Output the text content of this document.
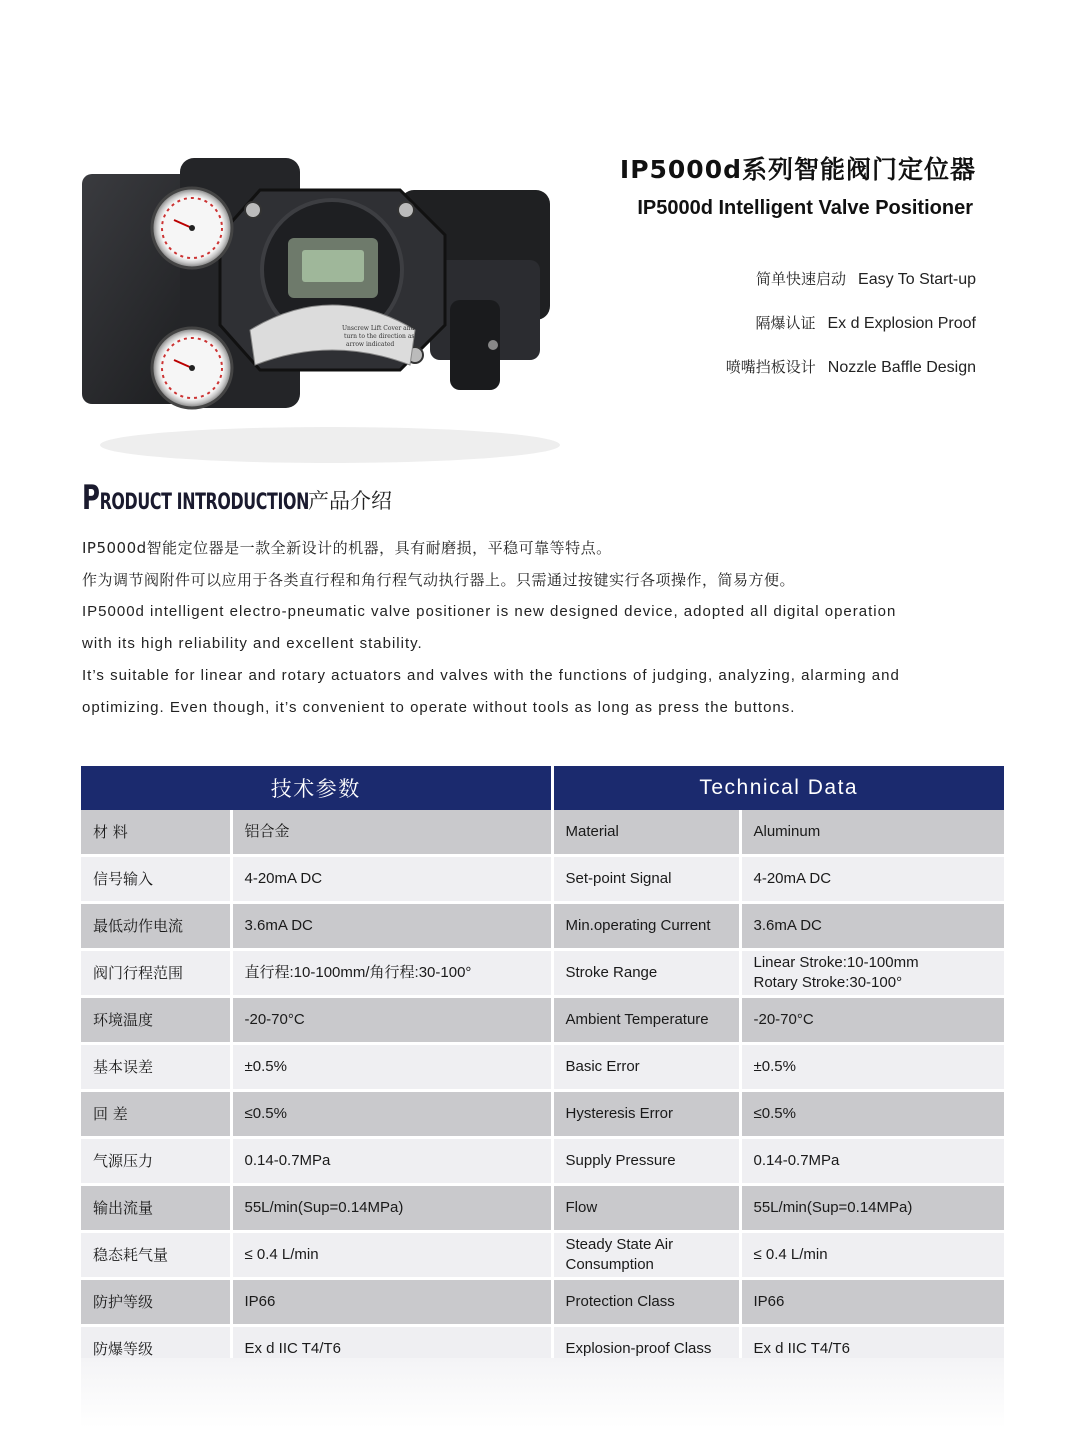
Unscrew Lift Cover and
turn to the direction as
arrow indicated
IP5000d系列智能阀门定位器
IP5000d Intelligent Valve Positioner
简单快速启动 Easy To Start-up
隔爆认证 Ex d Explosion Proof
喷嘴挡板设计 Nozzle Baffle Design
PRODUCT INTRODUCTION
产品介绍

IP5000d智能定位器是一款全新设计的机器，具有耐磨损，平稳可靠等特点。

作为调节阀附件可以应用于各类直行程和角行程气动执行器上。只需通过按键实行各项操作，简易方便。

IP5000d intelligent electro-pneumatic valve positioner is new designed device, adopted all digital operation

with its high reliability and excellent stability.

It’s suitable for linear and rotary actuators and valves with the functions of judging, analyzing, alarming and

optimizing. Even though, it’s convenient to operate without tools as long as press the buttons.

技术参数		Technical Data	
材 料	铝合金	Material	Aluminum
信号输入	4-20mA DC	Set-point Signal	4-20mA DC
最低动作电流	3.6mA DC	Min.operating Current	3.6mA DC
阀门行程范围	直行程:10-100mm/角行程:30-100°	Stroke Range	Linear Stroke:10-100mm
Rotary Stroke:30-100°
环境温度	-20-70°C	Ambient Temperature	-20-70°C
基本误差	±0.5%	Basic Error	±0.5%
回 差	≤0.5%	Hysteresis Error	≤0.5%
气源压力	0.14-0.7MPa	Supply Pressure	0.14-0.7MPa
输出流量	55L/min(Sup=0.14MPa)	Flow	55L/min(Sup=0.14MPa)
稳态耗气量	≤ 0.4 L/min	Steady State Air
Consumption	≤ 0.4 L/min
防护等级	IP66	Protection Class	IP66
防爆等级	Ex d IIC T4/T6	Explosion-proof Class	Ex d IIC T4/T6
